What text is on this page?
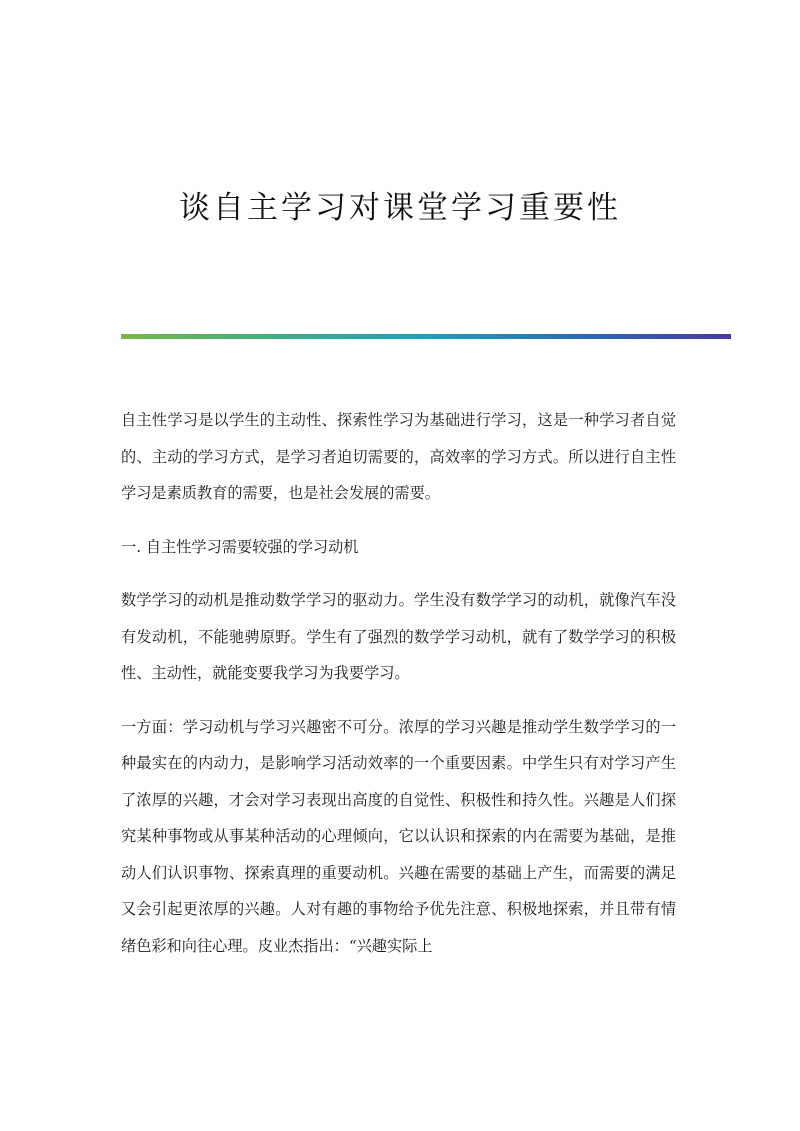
谈自主学习对课堂学习重要性

自主性学习是以学生的主动性、探索性学习为基础进行学习，这是一种学习者自觉的、主动的学习方式，是学习者迫切需要的，高效率的学习方式。所以进行自主性学习是素质教育的需要，也是社会发展的需要。

一. 自主性学习需要较强的学习动机

数学学习的动机是推动数学学习的驱动力。学生没有数学学习的动机，就像汽车没有发动机，不能驰骋原野。学生有了强烈的数学学习动机，就有了数学学习的积极性、主动性，就能变要我学习为我要学习。

一方面：学习动机与学习兴趣密不可分。浓厚的学习兴趣是推动学生数学学习的一种最实在的内动力，是影响学习活动效率的一个重要因素。中学生只有对学习产生了浓厚的兴趣，才会对学习表现出高度的自觉性、积极性和持久性。兴趣是人们探究某种事物或从事某种活动的心理倾向，它以认识和探索的内在需要为基础，是推动人们认识事物、探索真理的重要动机。兴趣在需要的基础上产生，而需要的满足又会引起更浓厚的兴趣。人对有趣的事物给予优先注意、积极地探索，并且带有情绪色彩和向往心理。皮业杰指出：“兴趣实际上
